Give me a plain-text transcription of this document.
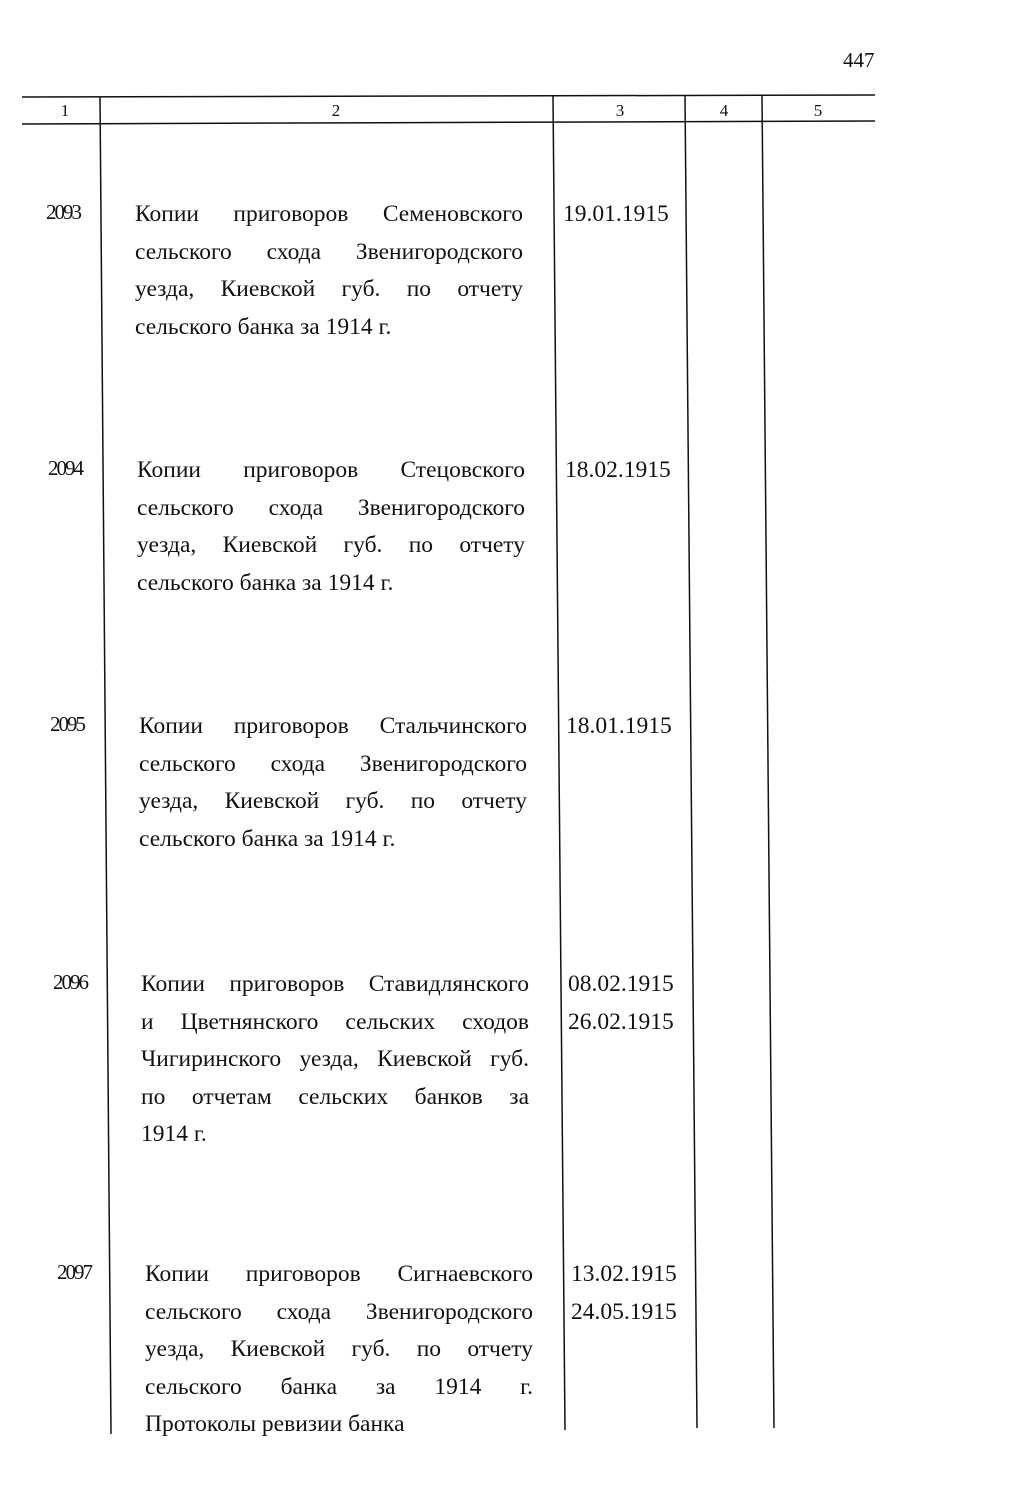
447
1	2	3	4	5
2093 Копии приговоров Семеновского
сельского схода Звенигородского
уезда, Киевской губ. по отчету
сельского банка за 1914 г.
19.01.1915
2094 Копии приговоров Стецовского
сельского схода Звенигородского
уезда, Киевской губ. по отчету
сельского банка за 1914 г.
18.02.1915
2095 Копии приговоров Стальчинского
сельского схода Звенигородского
уезда, Киевской губ. по отчету
сельского банка за 1914 г.
18.01.1915
2096 Копии приговоров Ставидлянского
и Цветнянского сельских сходов
Чигиринского уезда, Киевской губ.
по отчетам сельских банков за
1914 г.
08.02.1915
26.02.1915
2097 Копии приговоров Сигнаевского
сельского схода Звенигородского
уезда, Киевской губ. по отчету
сельского банка за 1914 г.
Протоколы ревизии банка
13.02.1915
24.05.1915
